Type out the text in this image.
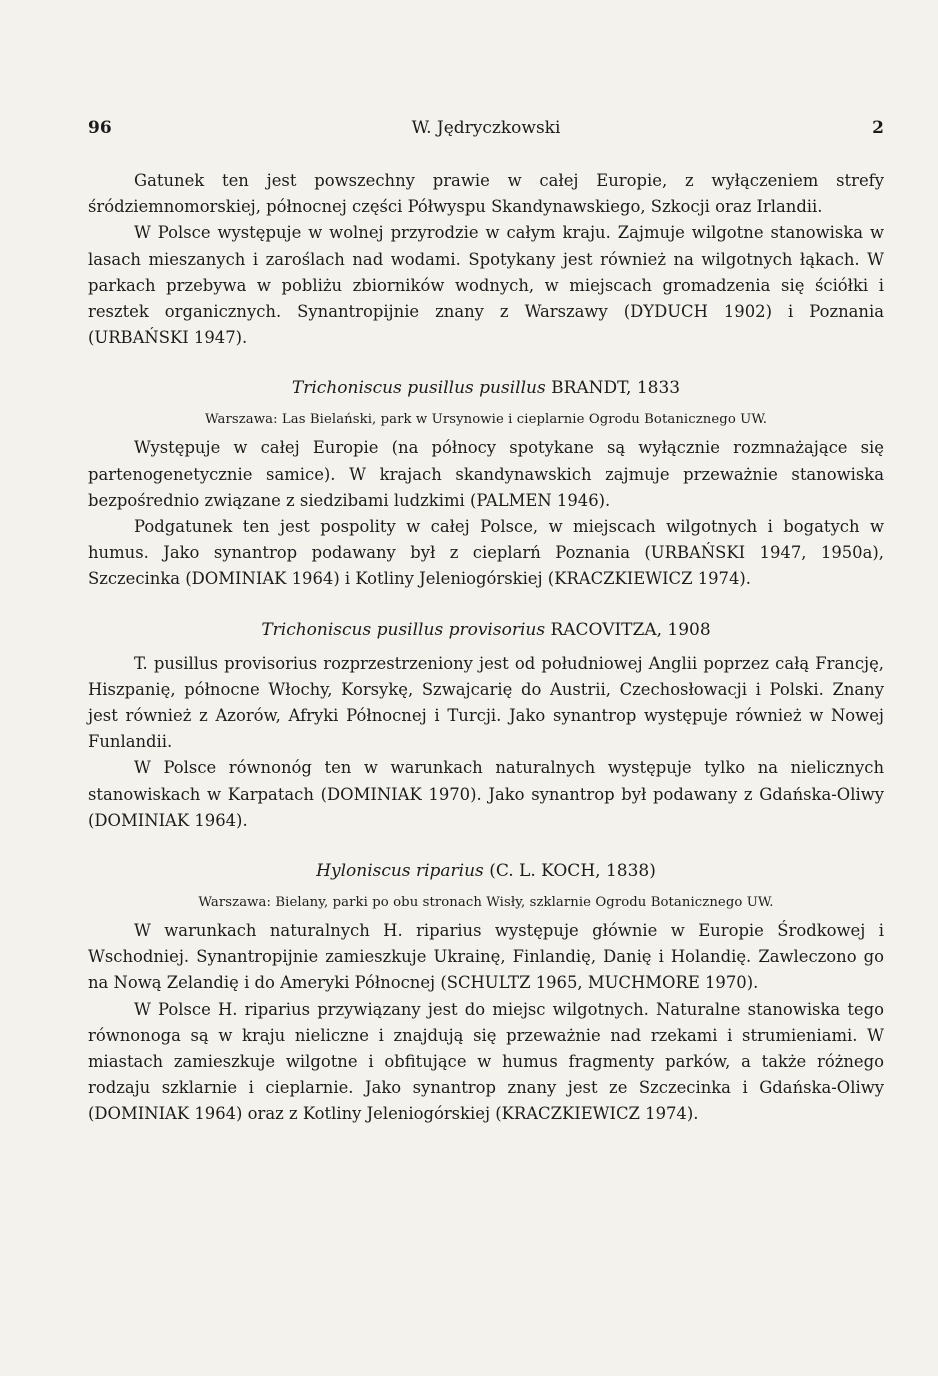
96	W. Jędryczkowski	2

Gatunek ten jest powszechny prawie w całej Europie, z wyłączeniem strefy śródziemnomorskiej, północnej części Półwyspu Skandynawskiego, Szkocji oraz Irlandii.

W Polsce występuje w wolnej przyrodzie w całym kraju. Zajmuje wilgotne stanowiska w lasach mieszanych i zaroślach nad wodami. Spotykany jest również na wilgotnych łąkach. W parkach przebywa w pobliżu zbiorników wodnych, w miejscach gromadzenia się ściółki i resztek organicznych. Synantropijnie znany z Warszawy (DYDUCH 1902) i Poznania (URBAŃSKI 1947).

Trichoniscus pusillus pusillus BRANDT, 1833
Warszawa: Las Bielański, park w Ursynowie i cieplarnie Ogrodu Botanicznego UW.

Występuje w całej Europie (na północy spotykane są wyłącznie rozmnażające się partenogenetycznie samice). W krajach skandynawskich zajmuje przeważnie stanowiska bezpośrednio związane z siedzibami ludzkimi (PALMEN 1946).

Podgatunek ten jest pospolity w całej Polsce, w miejscach wilgotnych i bogatych w humus. Jako synantrop podawany był z cieplarń Poznania (URBAŃSKI 1947, 1950a), Szczecinka (DOMINIAK 1964) i Kotliny Jeleniogórskiej (KRACZKIEWICZ 1974).

Trichoniscus pusillus provisorius RACOVITZA, 1908

T. pusillus provisorius rozprzestrzeniony jest od południowej Anglii poprzez całą Francję, Hiszpanię, północne Włochy, Korsykę, Szwajcarię do Austrii, Czechosłowacji i Polski. Znany jest również z Azorów, Afryki Północnej i Turcji. Jako synantrop występuje również w Nowej Funlandii.

W Polsce równonóg ten w warunkach naturalnych występuje tylko na nielicznych stanowiskach w Karpatach (DOMINIAK 1970). Jako synantrop był podawany z Gdańska-Oliwy (DOMINIAK 1964).

Hyloniscus riparius (C. L. KOCH, 1838)
Warszawa: Bielany, parki po obu stronach Wisły, szklarnie Ogrodu Botanicznego UW.

W warunkach naturalnych H. riparius występuje głównie w Europie Środkowej i Wschodniej. Synantropijnie zamieszkuje Ukrainę, Finlandię, Danię i Holandię. Zawleczono go na Nową Zelandię i do Ameryki Północnej (SCHULTZ 1965, MUCHMORE 1970).

W Polsce H. riparius przywiązany jest do miejsc wilgotnych. Naturalne stanowiska tego równonoga są w kraju nieliczne i znajdują się przeważnie nad rzekami i strumieniami. W miastach zamieszkuje wilgotne i obfitujące w humus fragmenty parków, a także różnego rodzaju szklarnie i cieplarnie. Jako synantrop znany jest ze Szczecinka i Gdańska-Oliwy (DOMINIAK 1964) oraz z Kotliny Jeleniogórskiej (KRACZKIEWICZ 1974).
